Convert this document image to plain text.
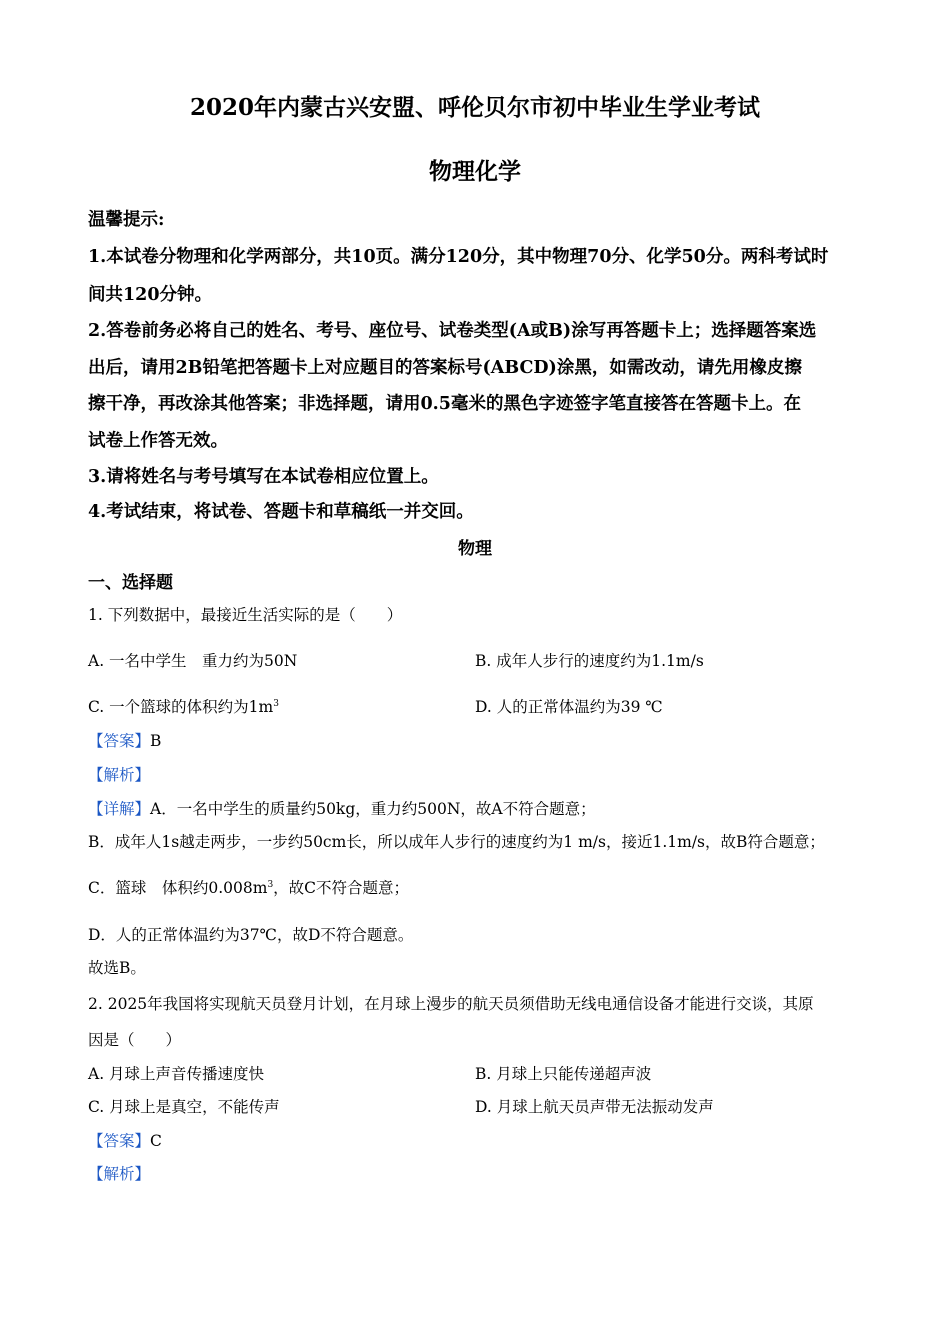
2020年内蒙古兴安盟、呼伦贝尔市初中毕业生学业考试
物理化学
温馨提示:
1.本试卷分物理和化学两部分，共10页。满分120分，其中物理70分、化学50分。两科考试时
间共120分钟。
2.答卷前务必将自己的姓名、考号、座位号、试卷类型(A或B)涂写再答题卡上；选择题答案选
出后，请用2B铅笔把答题卡上对应题目的答案标号(ABCD)涂黑，如需改动，请先用橡皮擦
擦干净，再改涂其他答案；非选择题，请用0.5毫米的黑色字迹签字笔直接答在答题卡上。在
试卷上作答无效。
3.请将姓名与考号填写在本试卷相应位置上。
4.考试结束，将试卷、答题卡和草稿纸一并交回。
物理
一、选择题
1. 下列数据中，最接近生活实际的是（　　）
A. 一名中学生　重力约为50N	B. 成年人步行的速度约为1.1m/s
C. 一个篮球的体积约为$1m^3$	D. 人的正常体温约为39 ℃
【答案】B
【解析】
【详解】A．一名中学生的质量约50kg，重力约500N，故A不符合题意；
B．成年人1s越走两步，一步约50cm长，所以成年人步行的速度约为1 m/s，接近1.1m/s，故B符合题意；
C．篮球　体积约$0.008m^3$，故C不符合题意；
D．人的正常体温约为37℃，故D不符合题意。
故选B。
2. 2025年我国将实现航天员登月计划，在月球上漫步的航天员须借助无线电通信设备才能进行交谈，其原
因是（　　）
A. 月球上声音传播速度快	B. 月球上只能传递超声波
C. 月球上是真空，不能传声	D. 月球上航天员声带无法振动发声
【答案】C
【解析】
